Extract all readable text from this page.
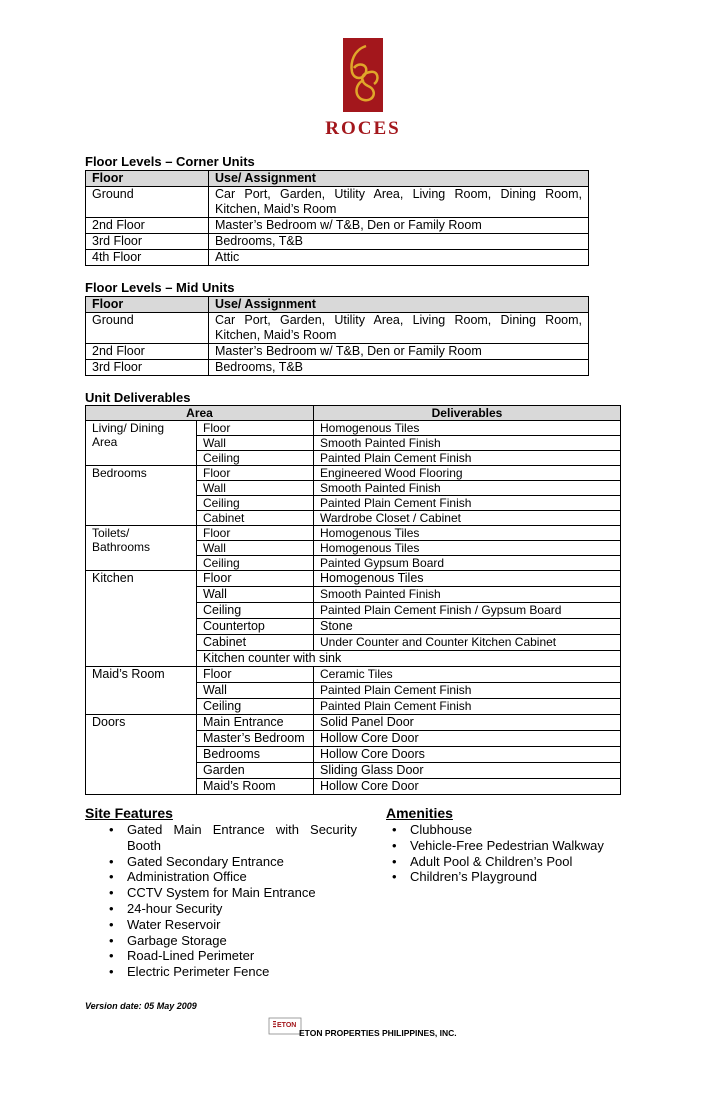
ROCES
Floor Levels – Corner Units
Floor	Use/ Assignment
Ground	Car Port, Garden, Utility Area, Living Room, Dining Room, Kitchen, Maid’s Room
2nd Floor	Master’s Bedroom w/ T&B, Den or Family Room
3rd Floor	Bedrooms, T&B
4th Floor	Attic
Floor Levels – Mid Units
Floor	Use/ Assignment
Ground	Car Port, Garden, Utility Area, Living Room, Dining Room, Kitchen, Maid’s Room
2nd Floor	Master’s Bedroom w/ T&B, Den or Family Room
3rd Floor	Bedrooms, T&B
Unit Deliverables
Area		Deliverables
Living/ Dining Area	Floor	Homogenous Tiles
	Wall	Smooth Painted Finish
	Ceiling	Painted Plain Cement Finish
Bedrooms	Floor	Engineered Wood Flooring
	Wall	Smooth Painted Finish
	Ceiling	Painted Plain Cement Finish
	Cabinet	Wardrobe Closet / Cabinet
Toilets/ Bathrooms	Floor	Homogenous Tiles
	Wall	Homogenous Tiles
	Ceiling	Painted Gypsum Board
Kitchen	Floor	Homogenous Tiles
	Wall	Smooth Painted Finish
	Ceiling	Painted Plain Cement Finish / Gypsum Board
	Countertop	Stone
	Cabinet	Under Counter and Counter Kitchen Cabinet
	Kitchen counter with sink	
Maid’s Room	Floor	Ceramic Tiles
	Wall	Painted Plain Cement Finish
	Ceiling	Painted Plain Cement Finish
Doors	Main Entrance	Solid Panel Door
	Master’s Bedroom	Hollow Core Door
	Bedrooms	Hollow Core Doors
	Garden	Sliding Glass Door
	Maid’s Room	Hollow Core Door
Site Features
• Gated Main Entrance with Security Booth
• Gated Secondary Entrance
• Administration Office
• CCTV System for Main Entrance
• 24-hour Security
• Water Reservoir
• Garbage Storage
• Road-Lined Perimeter
• Electric Perimeter Fence
Amenities
• Clubhouse
• Vehicle-Free Pedestrian Walkway
• Adult Pool & Children’s Pool
• Children’s Playground
Version date: 05 May 2009
ETON
ETON PROPERTIES PHILIPPINES, INC.
